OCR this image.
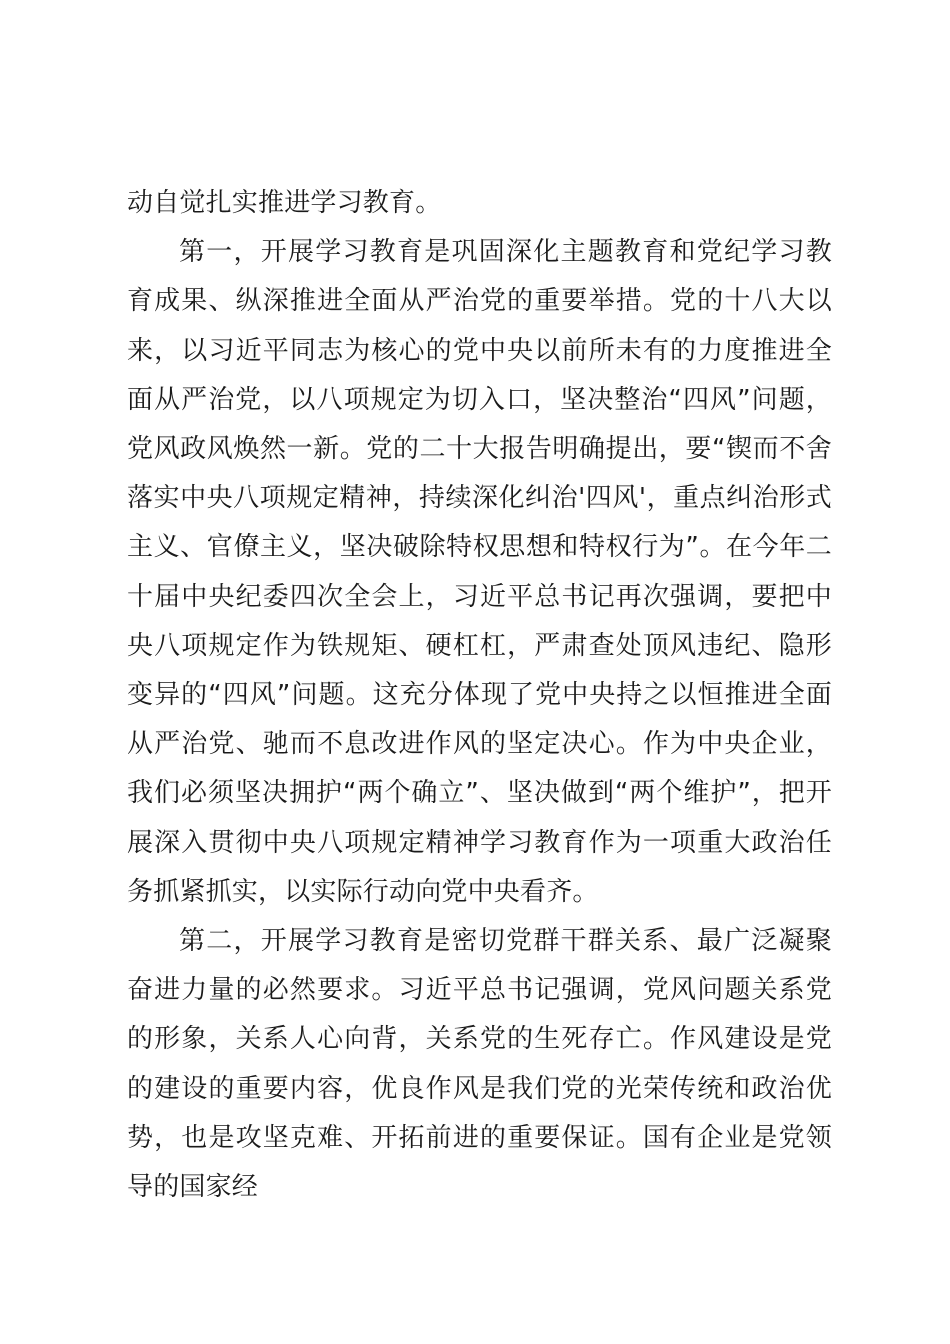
动自觉扎实推进学习教育。

第一，开展学习教育是巩固深化主题教育和党纪学习教育成果、纵深推进全面从严治党的重要举措。党的十八大以来，以习近平同志为核心的党中央以前所未有的力度推进全面从严治党，以八项规定为切入口，坚决整治“四风”问题，党风政风焕然一新。党的二十大报告明确提出，要“锲而不舍落实中央八项规定精神，持续深化纠治'四风'，重点纠治形式主义、官僚主义，坚决破除特权思想和特权行为”。在今年二十届中央纪委四次全会上，习近平总书记再次强调，要把中央八项规定作为铁规矩、硬杠杠，严肃查处顶风违纪、隐形变异的“四风”问题。这充分体现了党中央持之以恒推进全面从严治党、驰而不息改进作风的坚定决心。作为中央企业，我们必须坚决拥护“两个确立”、坚决做到“两个维护”，把开展深入贯彻中央八项规定精神学习教育作为一项重大政治任务抓紧抓实，以实际行动向党中央看齐。

第二，开展学习教育是密切党群干群关系、最广泛凝聚奋进力量的必然要求。习近平总书记强调，党风问题关系党的形象，关系人心向背，关系党的生死存亡。作风建设是党的建设的重要内容，优良作风是我们党的光荣传统和政治优势，也是攻坚克难、开拓前进的重要保证。国有企业是党领导的国家经
